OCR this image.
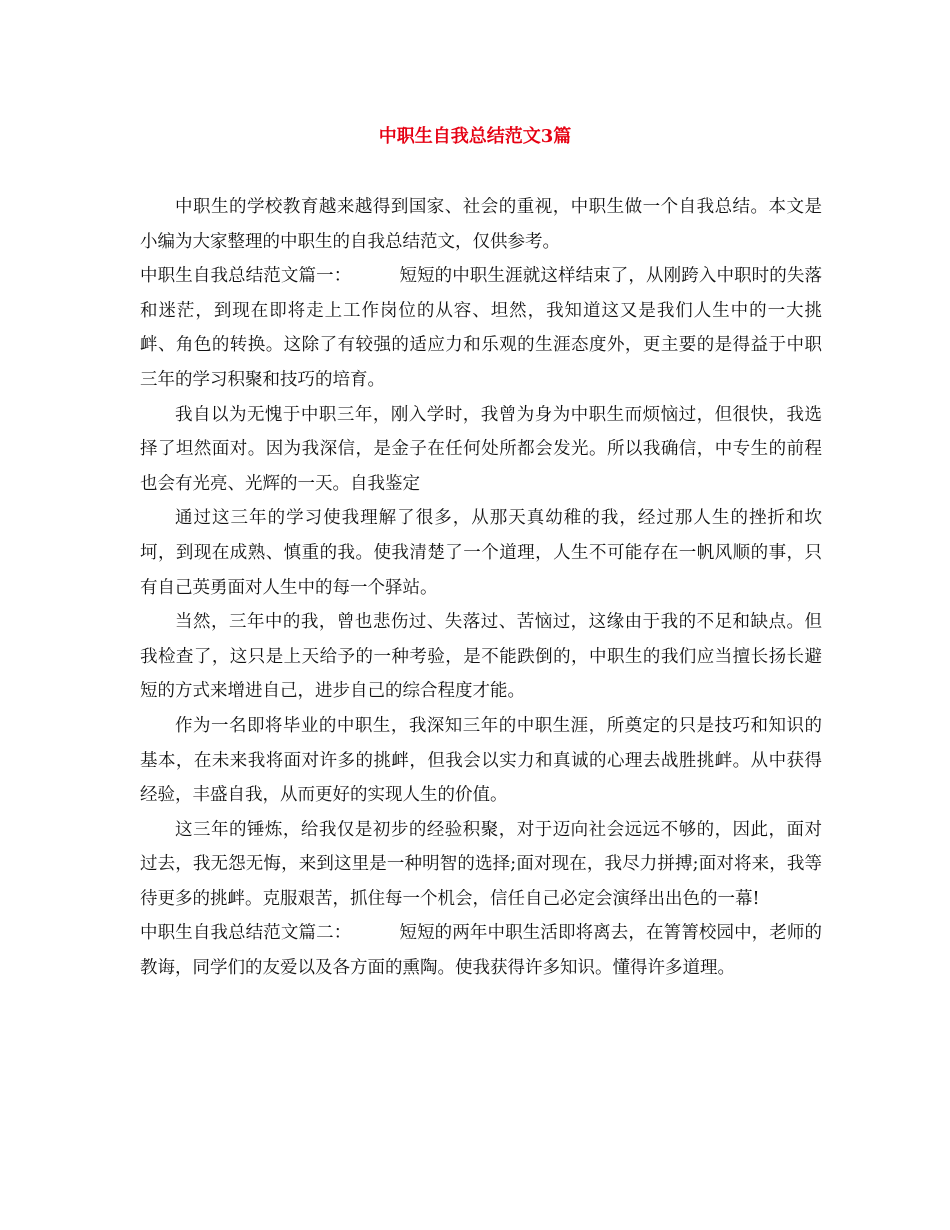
中职生自我总结范文3篇

中职生的学校教育越来越得到国家、社会的重视，中职生做一个自我总结。本文是小编为大家整理的中职生的自我总结范文，仅供参考。

中职生自我总结范文篇一：	短短的中职生涯就这样结束了，从刚跨入中职时的失落和迷茫，到现在即将走上工作岗位的从容、坦然，我知道这又是我们人生中的一大挑衅、角色的转换。这除了有较强的适应力和乐观的生涯态度外，更主要的是得益于中职三年的学习积聚和技巧的培育。

我自以为无愧于中职三年，刚入学时，我曾为身为中职生而烦恼过，但很快，我选择了坦然面对。因为我深信，是金子在任何处所都会发光。所以我确信，中专生的前程也会有光亮、光辉的一天。自我鉴定

通过这三年的学习使我理解了很多，从那天真幼稚的我，经过那人生的挫折和坎坷，到现在成熟、慎重的我。使我清楚了一个道理，人生不可能存在一帆风顺的事，只有自己英勇面对人生中的每一个驿站。

当然，三年中的我，曾也悲伤过、失落过、苦恼过，这缘由于我的不足和缺点。但我检查了，这只是上天给予的一种考验，是不能跌倒的，中职生的我们应当擅长扬长避短的方式来增进自己，进步自己的综合程度才能。

作为一名即将毕业的中职生，我深知三年的中职生涯，所奠定的只是技巧和知识的基本，在未来我将面对许多的挑衅，但我会以实力和真诚的心理去战胜挑衅。从中获得经验，丰盛自我，从而更好的实现人生的价值。

这三年的锤炼，给我仅是初步的经验积聚，对于迈向社会远远不够的，因此，面对过去，我无怨无悔，来到这里是一种明智的选择;面对现在，我尽力拼搏;面对将来，我等待更多的挑衅。克服艰苦，抓住每一个机会，信任自己必定会演绎出出色的一幕!

中职生自我总结范文篇二：	短短的两年中职生活即将离去，在箐箐校园中，老师的教诲，同学们的友爱以及各方面的熏陶。使我获得许多知识。懂得许多道理。
